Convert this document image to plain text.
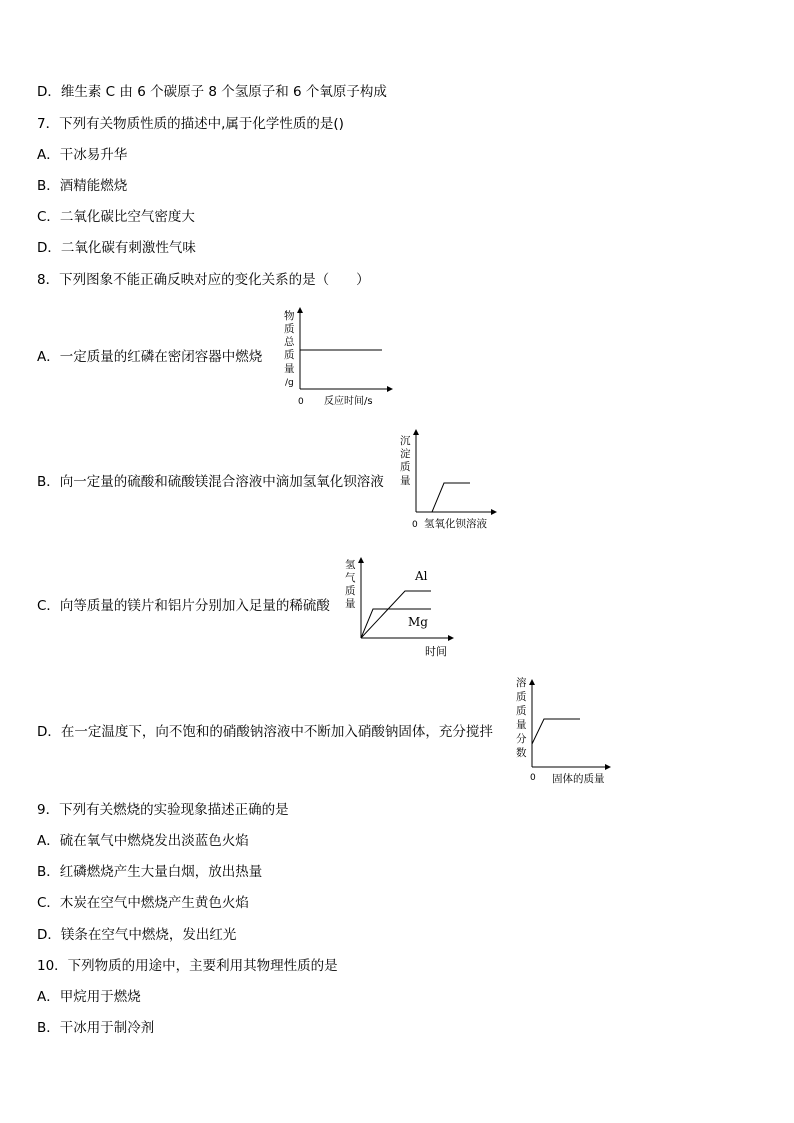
D．维生素 C 由 6 个碳原子 8 个氢原子和 6 个氧原子构成
7．下列有关物质性质的描述中,属于化学性质的是()
A．干冰易升华
B．酒精能燃烧
C．二氧化碳比空气密度大
D．二氧化碳有刺激性气味
8．下列图象不能正确反映对应的变化关系的是（　　）
A．一定质量的红磷在密闭容器中燃烧
物
质
总
质
量
/g
0 反应时间/s
B．向一定量的硫酸和硫酸镁混合溶液中滴加氢氧化钡溶液
沉
淀
质
量
0 氢氧化钡溶液
C．向等质量的镁片和铝片分别加入足量的稀硫酸
氢
气
质
量
Al
Mg
时间
D．在一定温度下，向不饱和的硝酸钠溶液中不断加入硝酸钠固体，充分搅拌
溶
质
质
量
分
数
0 固体的质量
9．下列有关燃烧的实验现象描述正确的是
A．硫在氧气中燃烧发出淡蓝色火焰
B．红磷燃烧产生大量白烟，放出热量
C．木炭在空气中燃烧产生黄色火焰
D．镁条在空气中燃烧，发出红光
10．下列物质的用途中，主要利用其物理性质的是
A．甲烷用于燃烧
B．干冰用于制冷剂
